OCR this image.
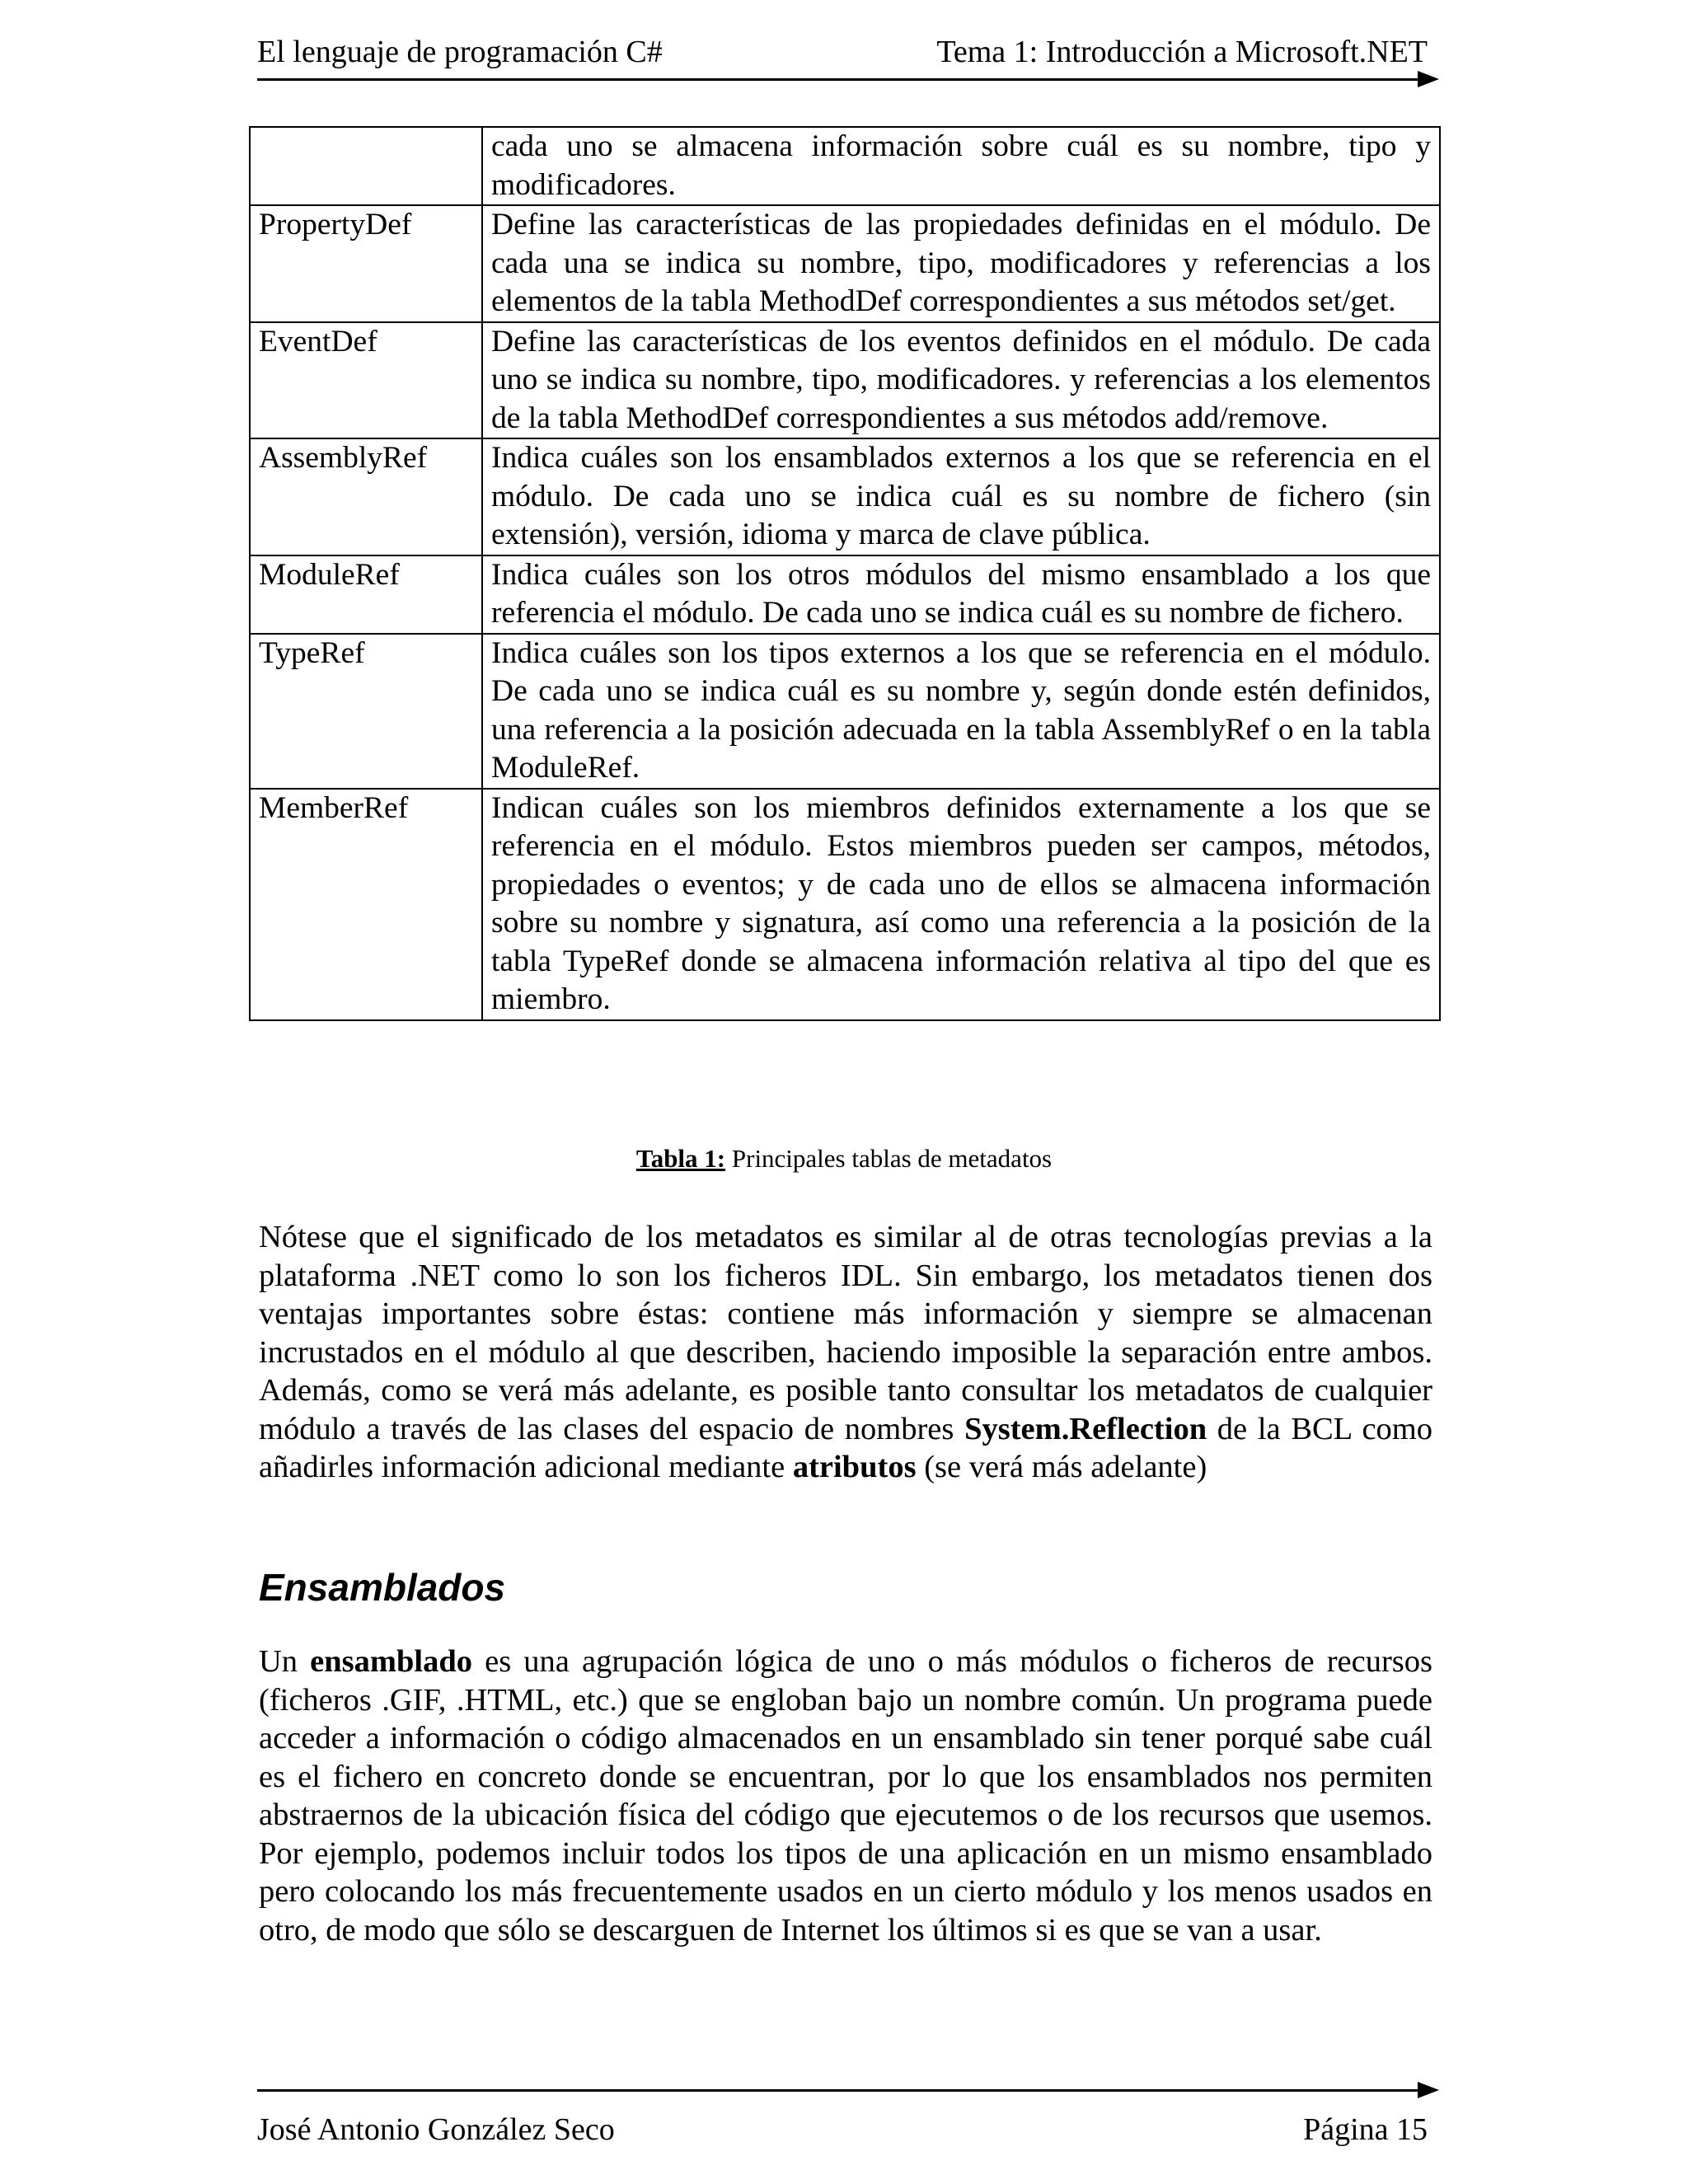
El lenguaje de programación C#	Tema 1: Introducción a Microsoft.NET
	cada uno se almacena información sobre cuál es su nombre, tipo y modificadores.
PropertyDef	Define las características de las propiedades definidas en el módulo. De cada una se indica su nombre, tipo, modificadores y referencias a los elementos de la tabla MethodDef correspondientes a sus métodos set/get.
EventDef	Define las características de los eventos definidos en el módulo. De cada uno se indica su nombre, tipo, modificadores. y referencias a los elementos de la tabla MethodDef correspondientes a sus métodos add/remove.
AssemblyRef	Indica cuáles son los ensamblados externos a los que se referencia en el módulo. De cada uno se indica cuál es su nombre de fichero (sin extensión), versión, idioma y marca de clave pública.
ModuleRef	Indica cuáles son los otros módulos del mismo ensamblado a los que referencia el módulo. De cada uno se indica cuál es su nombre de fichero.
TypeRef	Indica cuáles son los tipos externos a los que se referencia en el módulo. De cada uno se indica cuál es su nombre y, según donde estén definidos, una referencia a la posición adecuada en la tabla AssemblyRef o en la tabla ModuleRef.
MemberRef	Indican cuáles son los miembros definidos externamente a los que se referencia en el módulo. Estos miembros pueden ser campos, métodos, propiedades o eventos; y de cada uno de ellos se almacena información sobre su nombre y signatura, así como una referencia a la posición de la tabla TypeRef donde se almacena información relativa al tipo del que es miembro.
Tabla 1: Principales tablas de metadatos

Nótese que el significado de los metadatos es similar al de otras tecnologías previas a la plataforma .NET como lo son los ficheros IDL. Sin embargo, los metadatos tienen dos ventajas importantes sobre éstas: contiene más información y siempre se almacenan incrustados en el módulo al que describen, haciendo imposible la separación entre ambos. Además, como se verá más adelante, es posible tanto consultar los metadatos de cualquier módulo a través de las clases del espacio de nombres System.Reflection de la BCL como añadirles información adicional mediante atributos (se verá más adelante)

Ensamblados

Un ensamblado es una agrupación lógica de uno o más módulos o ficheros de recursos (ficheros .GIF, .HTML, etc.) que se engloban bajo un nombre común. Un programa puede acceder a información o código almacenados en un ensamblado sin tener porqué sabe cuál es el fichero en concreto donde se encuentran, por lo que los ensamblados nos permiten abstraernos de la ubicación física del código que ejecutemos o de los recursos que usemos. Por ejemplo, podemos incluir todos los tipos de una aplicación en un mismo ensamblado pero colocando los más frecuentemente usados en un cierto módulo y los menos usados en otro, de modo que sólo se descarguen de Internet los últimos si es que se van a usar.

José Antonio González Seco	Página 15
